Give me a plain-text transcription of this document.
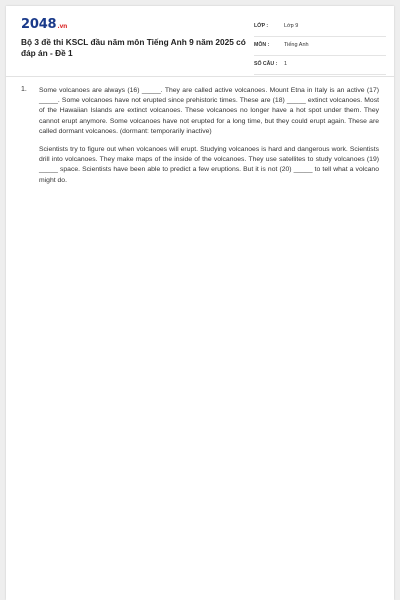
2048.vn
Bộ 3 đề thi KSCL đầu năm môn Tiếng Anh 9 năm 2025 có đáp án - Đề 1
LỚP :	Lớp 9
MÔN :	Tiếng Anh
SỐ CÂU : 1
1. Some volcanoes are always (16) _____. They are called active volcanoes. Mount Etna in Italy is an active (17) _____. Some volcanoes have not erupted since prehistoric times. These are (18) _____ extinct volcanoes. Most of the Hawaiian Islands are extinct volcanoes. These volcanoes no longer have a hot spot under them. They cannot erupt anymore. Some volcanoes have not erupted for a long time, but they could erupt again. These are called dormant volcanoes. (dormant: temporarily inactive)

Scientists try to figure out when volcanoes will erupt. Studying volcanoes is hard and dangerous work. Scientists drill into volcanoes. They make maps of the inside of the volcanoes. They use satellites to study volcanoes (19) _____ space. Scientists have been able to predict a few eruptions. But it is not (20) _____ to tell what a volcano might do.
